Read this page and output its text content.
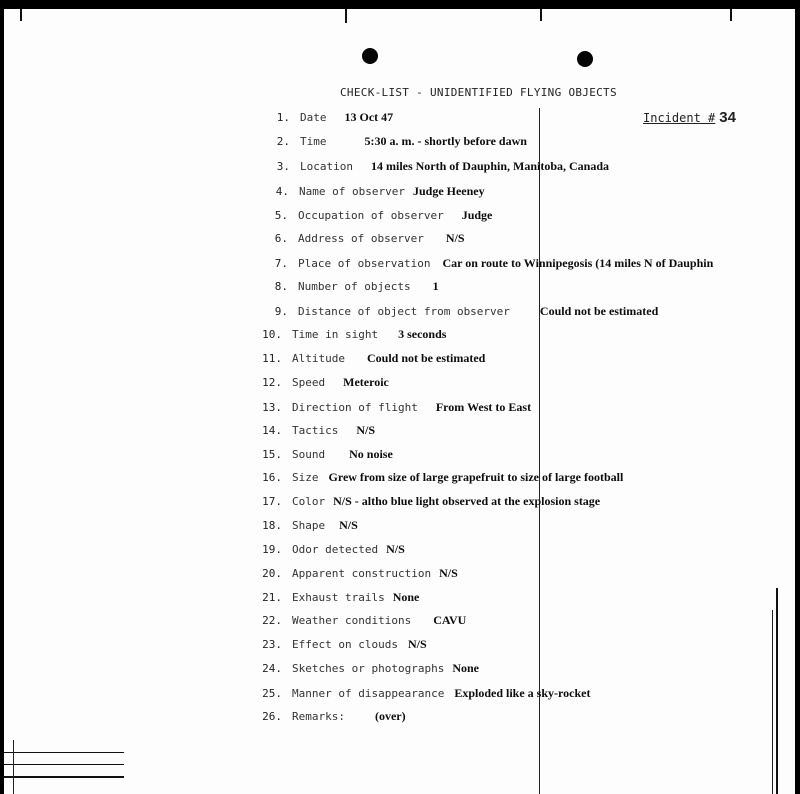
CHECK-LIST - UNIDENTIFIED FLYING OBJECTS
Incident # 34
1. Date 13 Oct 47
2. Time	5:30 a. m. - shortly before dawn
3. Location 14 miles North of Dauphin, Manitoba, Canada
4. Name of observer Judge Heeney
5. Occupation of observer Judge
6. Address of observer N/S
7. Place of observation Car on route to Winnipegosis (14 miles N of Dauphin
8. Number of objects 1
9. Distance of object from observer	Could not be estimated
10. Time in sight 3 seconds
11. Altitude Could not be estimated
12. Speed Meteroic
13. Direction of flight From West to East
14. Tactics N/S
15. Sound No noise
16. Size Grew from size of large grapefruit to size of large football
17. Color N/S - altho blue light observed at the explosion stage
18. Shape N/S
19. Odor detected N/S
20. Apparent construction N/S
21. Exhaust trails None
22. Weather conditions CAVU
23. Effect on clouds N/S
24. Sketches or photographs None
25. Manner of disappearance Exploded like a sky-rocket
26. Remarks:	(over)
